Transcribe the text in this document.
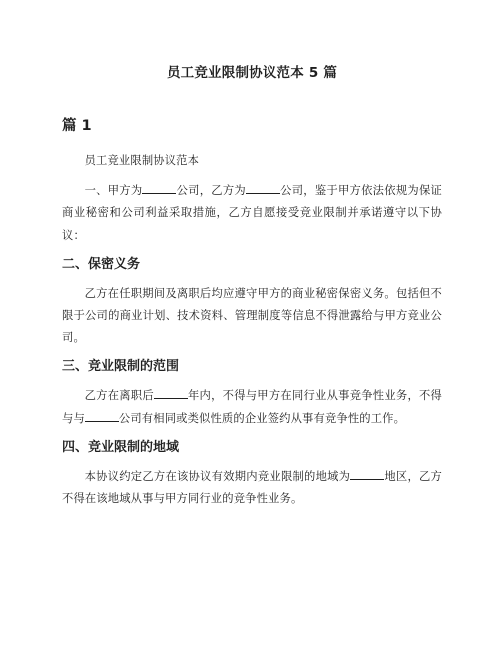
员工竞业限制协议范本 5 篇
篇 1

员工竞业限制协议范本

一、甲方为	公司，乙方为	公司，鉴于甲方依法依规为保证商业秘密和公司利益采取措施，乙方自愿接受竞业限制并承诺遵守以下协议：

二、保密义务

乙方在任职期间及离职后均应遵守甲方的商业秘密保密义务。包括但不限于公司的商业计划、技术资料、管理制度等信息不得泄露给与甲方竞业公司。

三、竞业限制的范围

乙方在离职后	年内，不得与甲方在同行业从事竞争性业务，不得与与	公司有相同或类似性质的企业签约从事有竞争性的工作。

四、竞业限制的地域

本协议约定乙方在该协议有效期内竞业限制的地域为	地区，乙方不得在该地域从事与甲方同行业的竞争性业务。
